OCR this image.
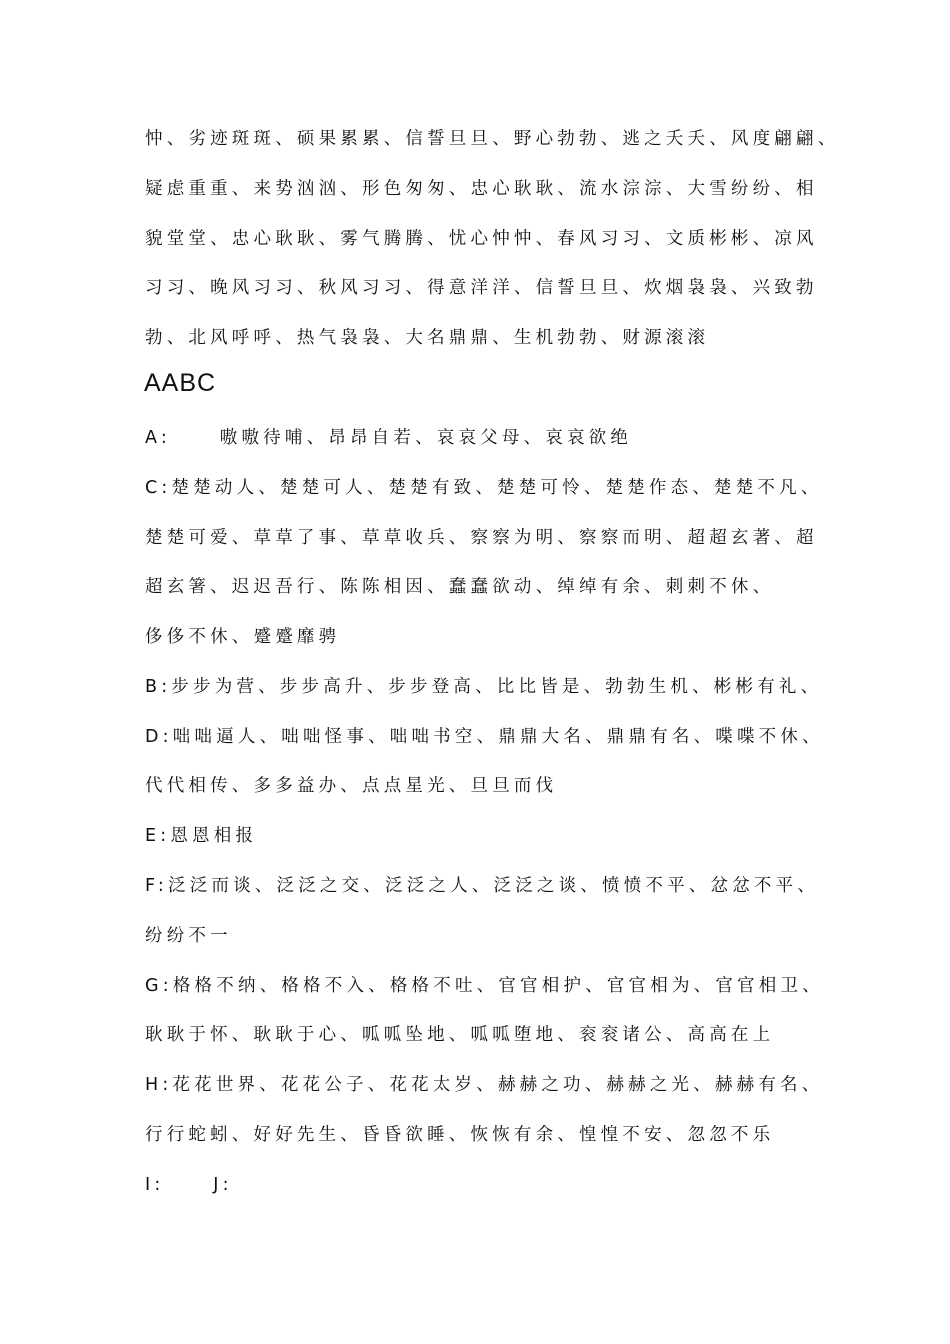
忡、劣迹斑斑、硕果累累、信誓旦旦、野心勃勃、逃之夭夭、风度翩翩、
疑虑重重、来势汹汹、形色匆匆、忠心耿耿、流水淙淙、大雪纷纷、相
貌堂堂、忠心耿耿、雾气腾腾、忧心忡忡、春风习习、文质彬彬、凉风
习习、晚风习习、秋风习习、得意洋洋、信誓旦旦、炊烟袅袅、兴致勃
勃、北风呼呼、热气袅袅、大名鼎鼎、生机勃勃、财源滚滚
AABC
A:     嗷嗷待哺、昂昂自若、哀哀父母、哀哀欲绝
C:楚楚动人、楚楚可人、楚楚有致、楚楚可怜、楚楚作态、楚楚不凡、
楚楚可爱、草草了事、草草收兵、察察为明、察察而明、超超玄著、超
超玄箸、迟迟吾行、陈陈相因、蠢蠢欲动、绰绰有余、刺刺不休、
侈侈不休、蹙蹙靡骋
B:步步为营、步步高升、步步登高、比比皆是、勃勃生机、彬彬有礼、
D:咄咄逼人、咄咄怪事、咄咄书空、鼎鼎大名、鼎鼎有名、喋喋不休、
代代相传、多多益办、点点星光、旦旦而伐
E:恩恩相报
F:泛泛而谈、泛泛之交、泛泛之人、泛泛之谈、愤愤不平、忿忿不平、
纷纷不一
G:格格不纳、格格不入、格格不吐、官官相护、官官相为、官官相卫、
耿耿于怀、耿耿于心、呱呱坠地、呱呱堕地、衮衮诸公、高高在上
H:花花世界、花花公子、花花太岁、赫赫之功、赫赫之光、赫赫有名、
行行蛇蚓、好好先生、昏昏欲睡、恢恢有余、惶惶不安、忽忽不乐
I:     J:
